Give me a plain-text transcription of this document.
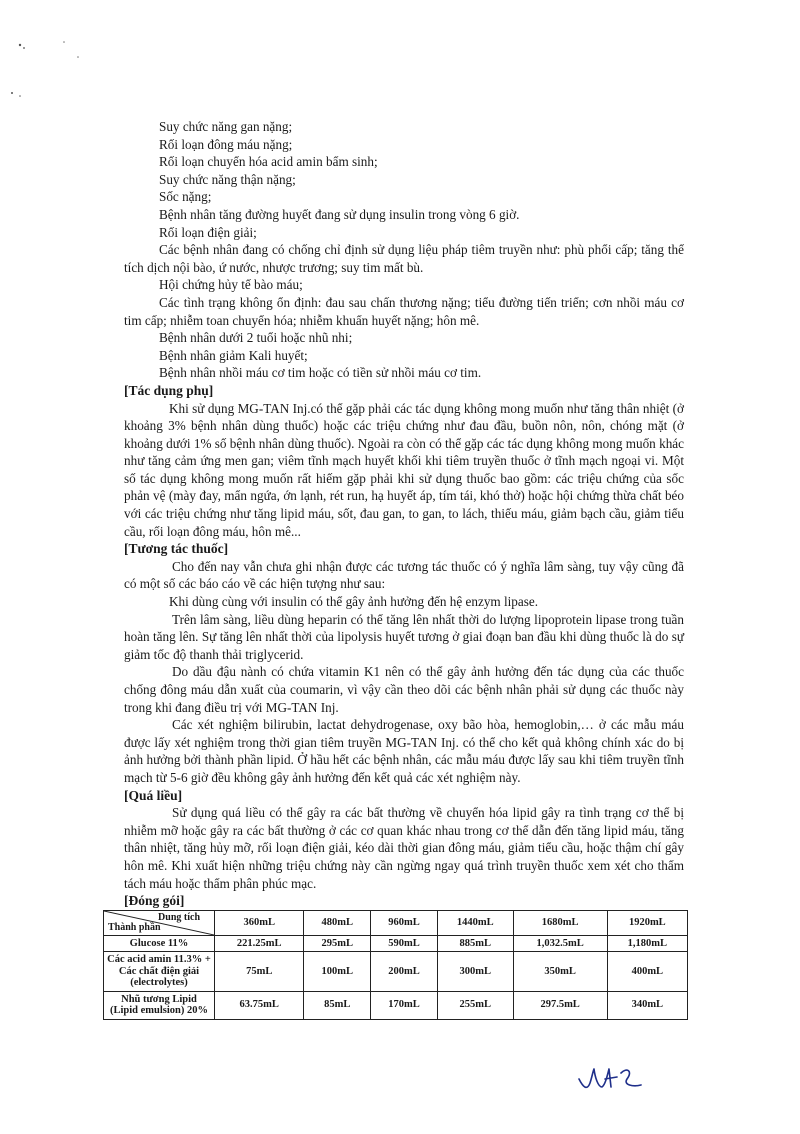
Suy chức năng gan nặng;

Rối loạn đông máu nặng;

Rối loạn chuyển hóa acid amin bẩm sinh;

Suy chức năng thận nặng;

Sốc nặng;

Bệnh nhân tăng đường huyết đang sử dụng insulin trong vòng 6 giờ.

Rối loạn điện giải;

Các bệnh nhân đang có chống chỉ định sử dụng liệu pháp tiêm truyền như: phù phổi cấp; tăng thể tích dịch nội bào, ứ nước, nhược trương; suy tim mất bù.

Hội chứng hủy tế bào máu;

Các tình trạng không ổn định: đau sau chấn thương nặng; tiểu đường tiến triển; cơn nhồi máu cơ tim cấp; nhiễm toan chuyển hóa; nhiễm khuẩn huyết nặng; hôn mê.

Bệnh nhân dưới 2 tuổi hoặc nhũ nhi;

Bệnh nhân giảm Kali huyết;

Bệnh nhân nhồi máu cơ tim hoặc có tiền sử nhồi máu cơ tim.

[Tác dụng phụ]

Khi sử dụng MG-TAN Inj.có thể gặp phải các tác dụng không mong muốn như tăng thân nhiệt (ở khoảng 3% bệnh nhân dùng thuốc) hoặc các triệu chứng như đau đầu, buồn nôn, nôn, chóng mặt (ở khoảng dưới 1% số bệnh nhân dùng thuốc). Ngoài ra còn có thể gặp các tác dụng không mong muốn khác như tăng cảm ứng men gan; viêm tĩnh mạch huyết khối khi tiêm truyền thuốc ở tĩnh mạch ngoại vi. Một số tác dụng không mong muốn rất hiếm gặp phải khi sử dụng thuốc bao gồm: các triệu chứng của sốc phản vệ (mày đay, mẩn ngứa, ớn lạnh, rét run, hạ huyết áp, tím tái, khó thở) hoặc hội chứng thừa chất béo với các triệu chứng như tăng lipid máu, sốt, đau gan, to gan, to lách, thiếu máu, giảm bạch cầu, giảm tiểu cầu, rối loạn đông máu, hôn mê...

[Tương tác thuốc]

Cho đến nay vẫn chưa ghi nhận được các tương tác thuốc có ý nghĩa lâm sàng, tuy vậy cũng đã có một số các báo cáo về các hiện tượng như sau:

Khi dùng cùng với insulin có thể gây ảnh hưởng đến hệ enzym lipase.

Trên lâm sàng, liều dùng heparin có thể tăng lên nhất thời do lượng lipoprotein lipase trong tuần hoàn tăng lên. Sự tăng lên nhất thời của lipolysis huyết tương ở giai đoạn ban đầu khi dùng thuốc là do sự giảm tốc độ thanh thải triglycerid.

Do dầu đậu nành có chứa vitamin K1 nên có thể gây ảnh hưởng đến tác dụng của các thuốc chống đông máu dẫn xuất của coumarin, vì vậy cần theo dõi các bệnh nhân phải sử dụng các thuốc này trong khi đang điều trị với MG-TAN Inj.

Các xét nghiệm bilirubin, lactat dehydrogenase, oxy bão hòa, hemoglobin,… ở các mẫu máu được lấy xét nghiệm trong thời gian tiêm truyền MG-TAN Inj. có thể cho kết quả không chính xác do bị ảnh hưởng bởi thành phần lipid. Ở hầu hết các bệnh nhân, các mẫu máu được lấy sau khi tiêm truyền tĩnh mạch từ 5-6 giờ đều không gây ảnh hưởng đến kết quả các xét nghiệm này.

[Quá liều]

Sử dụng quá liều có thể gây ra các bất thường về chuyển hóa lipid gây ra tình trạng cơ thể bị nhiễm mỡ hoặc gây ra các bất thường ở các cơ quan khác nhau trong cơ thể dẫn đến tăng lipid máu, tăng thân nhiệt, tăng hủy mỡ, rối loạn điện giải, kéo dài thời gian đông máu, giảm tiểu cầu, hoặc thậm chí gây hôn mê. Khi xuất hiện những triệu chứng này cần ngừng ngay quá trình truyền thuốc xem xét cho thẩm tách máu hoặc thẩm phân phúc mạc.

[Đóng gói]

Dung tích
Thành phần	360mL	480mL	960mL	1440mL	1680mL	1920mL
Glucose 11%	221.25mL	295mL	590mL	885mL	1,032.5mL	1,180mL
Các acid amin 11.3% + Các chất điện giải (electrolytes)	75mL	100mL	200mL	300mL	350mL	400mL
Nhũ tương Lipid (Lipid emulsion) 20%	63.75mL	85mL	170mL	255mL	297.5mL	340mL
